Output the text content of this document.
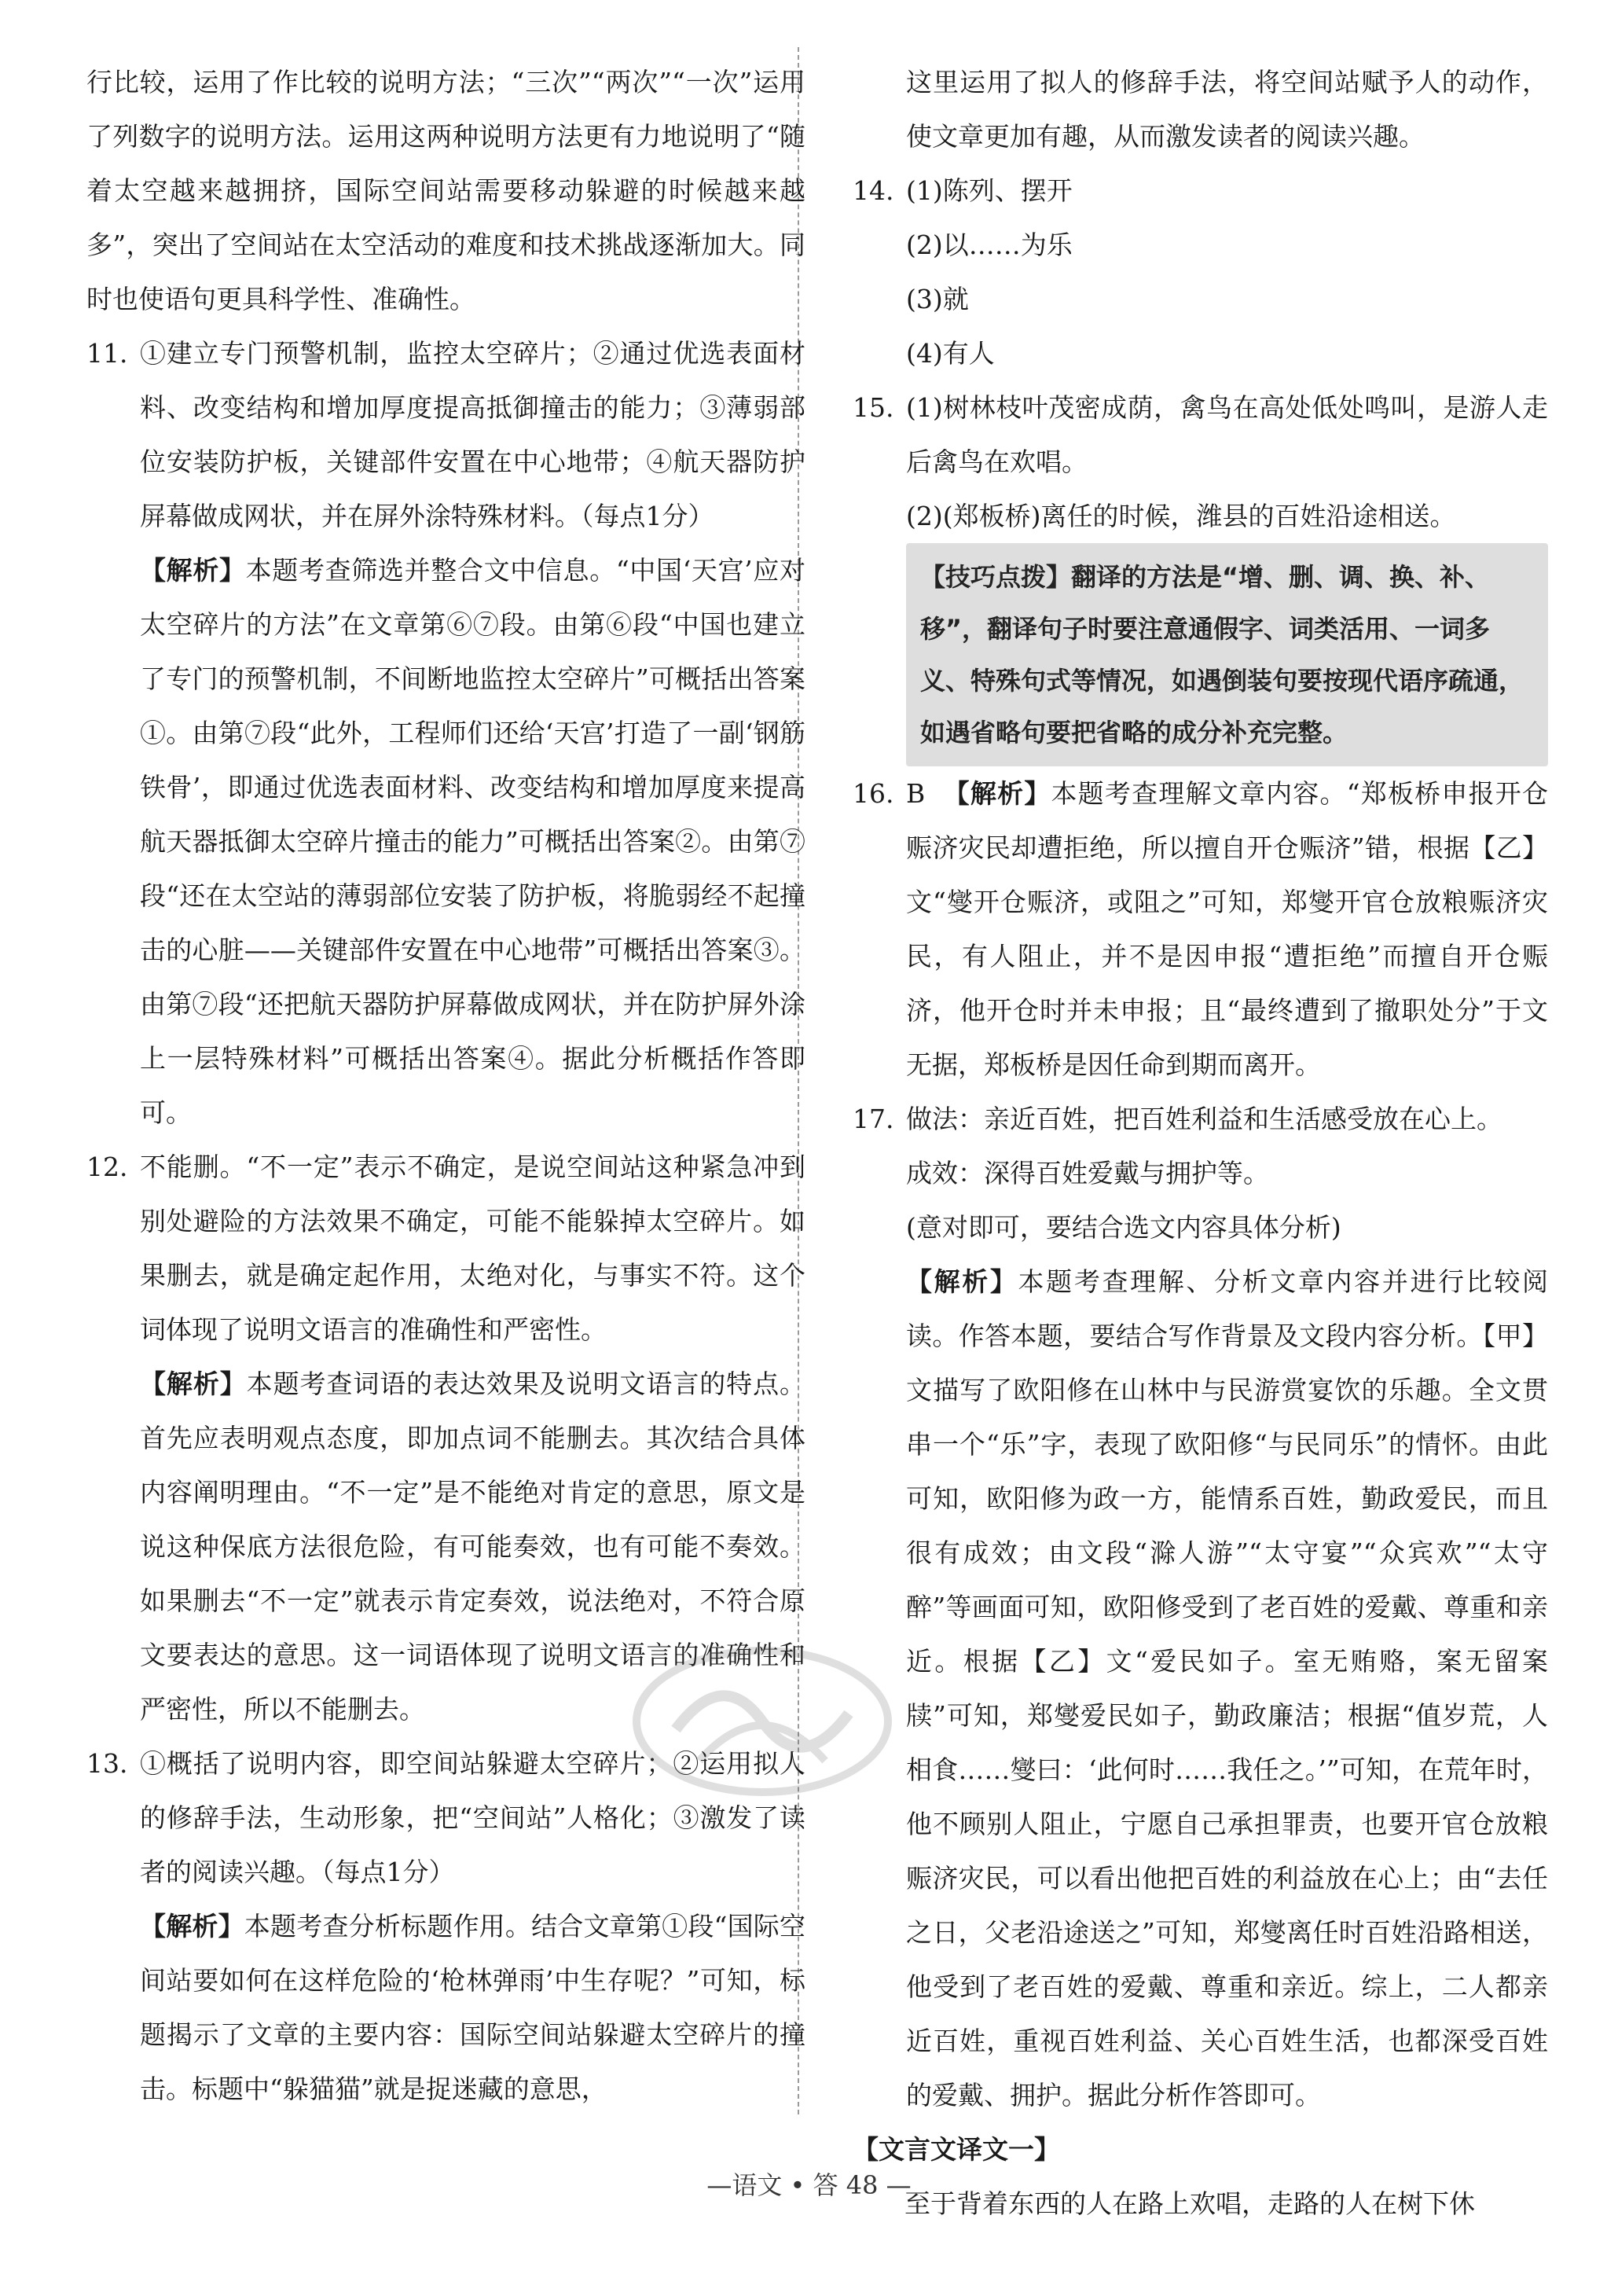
行比较，运用了作比较的说明方法；“三次”“两次”“一次”运用了列数字的说明方法。运用这两种说明方法更有力地说明了“随着太空越来越拥挤，国际空间站需要移动躲避的时候越来越多”，突出了空间站在太空活动的难度和技术挑战逐渐加大。同时也使语句更具科学性、准确性。

11. ①建立专门预警机制，监控太空碎片；②通过优选表面材料、改变结构和增加厚度提高抵御撞击的能力；③薄弱部位安装防护板，关键部件安置在中心地带；④航天器防护屏幕做成网状，并在屏外涂特殊材料。（每点1分）

【解析】本题考查筛选并整合文中信息。“中国‘天宫’应对太空碎片的方法”在文章第⑥⑦段。由第⑥段“中国也建立了专门的预警机制，不间断地监控太空碎片”可概括出答案①。由第⑦段“此外，工程师们还给‘天宫’打造了一副‘钢筋铁骨’，即通过优选表面材料、改变结构和增加厚度来提高航天器抵御太空碎片撞击的能力”可概括出答案②。由第⑦段“还在太空站的薄弱部位安装了防护板，将脆弱经不起撞击的心脏——关键部件安置在中心地带”可概括出答案③。由第⑦段“还把航天器防护屏幕做成网状，并在防护屏外涂上一层特殊材料”可概括出答案④。据此分析概括作答即可。

12. 不能删。“不一定”表示不确定，是说空间站这种紧急冲到别处避险的方法效果不确定，可能不能躲掉太空碎片。如果删去，就是确定起作用，太绝对化，与事实不符。这个词体现了说明文语言的准确性和严密性。

【解析】本题考查词语的表达效果及说明文语言的特点。首先应表明观点态度，即加点词不能删去。其次结合具体内容阐明理由。“不一定”是不能绝对肯定的意思，原文是说这种保底方法很危险，有可能奏效，也有可能不奏效。如果删去“不一定”就表示肯定奏效，说法绝对，不符合原文要表达的意思。这一词语体现了说明文语言的准确性和严密性，所以不能删去。

13. ①概括了说明内容，即空间站躲避太空碎片；②运用拟人的修辞手法，生动形象，把“空间站”人格化；③激发了读者的阅读兴趣。（每点1分）

【解析】本题考查分析标题作用。结合文章第①段“国际空间站要如何在这样危险的‘枪林弹雨’中生存呢？”可知，标题揭示了文章的主要内容：国际空间站躲避太空碎片的撞击。标题中“躲猫猫”就是捉迷藏的意思，

这里运用了拟人的修辞手法，将空间站赋予人的动作，使文章更加有趣，从而激发读者的阅读兴趣。

14. (1)陈列、摆开

(2)以……为乐

(3)就

(4)有人

15. (1)树林枝叶茂密成荫，禽鸟在高处低处鸣叫，是游人走后禽鸟在欢唱。

(2)(郑板桥)离任的时候，潍县的百姓沿途相送。

【技巧点拨】翻译的方法是“增、删、调、换、补、移”，翻译句子时要注意通假字、词类活用、一词多义、特殊句式等情况，如遇倒装句要按现代语序疏通，如遇省略句要把省略的成分补充完整。
16. B 【解析】本题考查理解文章内容。“郑板桥申报开仓赈济灾民却遭拒绝，所以擅自开仓赈济”错，根据【乙】文“燮开仓赈济，或阻之”可知，郑燮开官仓放粮赈济灾民，有人阻止，并不是因申报“遭拒绝”而擅自开仓赈济，他开仓时并未申报；且“最终遭到了撤职处分”于文无据，郑板桥是因任命到期而离开。

17. 做法：亲近百姓，把百姓利益和生活感受放在心上。

成效：深得百姓爱戴与拥护等。

(意对即可，要结合选文内容具体分析)

【解析】本题考查理解、分析文章内容并进行比较阅读。作答本题，要结合写作背景及文段内容分析。【甲】文描写了欧阳修在山林中与民游赏宴饮的乐趣。全文贯串一个“乐”字，表现了欧阳修“与民同乐”的情怀。由此可知，欧阳修为政一方，能情系百姓，勤政爱民，而且很有成效；由文段“滁人游”“太守宴”“众宾欢”“太守醉”等画面可知，欧阳修受到了老百姓的爱戴、尊重和亲近。根据【乙】文“爱民如子。室无贿赂，案无留案牍”可知，郑燮爱民如子，勤政廉洁；根据“值岁荒，人相食……燮曰：‘此何时……我任之。’”可知，在荒年时，他不顾别人阻止，宁愿自己承担罪责，也要开官仓放粮赈济灾民，可以看出他把百姓的利益放在心上；由“去任之日，父老沿途送之”可知，郑燮离任时百姓沿路相送，他受到了老百姓的爱戴、尊重和亲近。综上，二人都亲近百姓，重视百姓利益、关心百姓生活，也都深受百姓的爱戴、拥护。据此分析作答即可。

【文言文译文一】

至于背着东西的人在路上欢唱，走路的人在树下休

—语文 • 答 48 —
